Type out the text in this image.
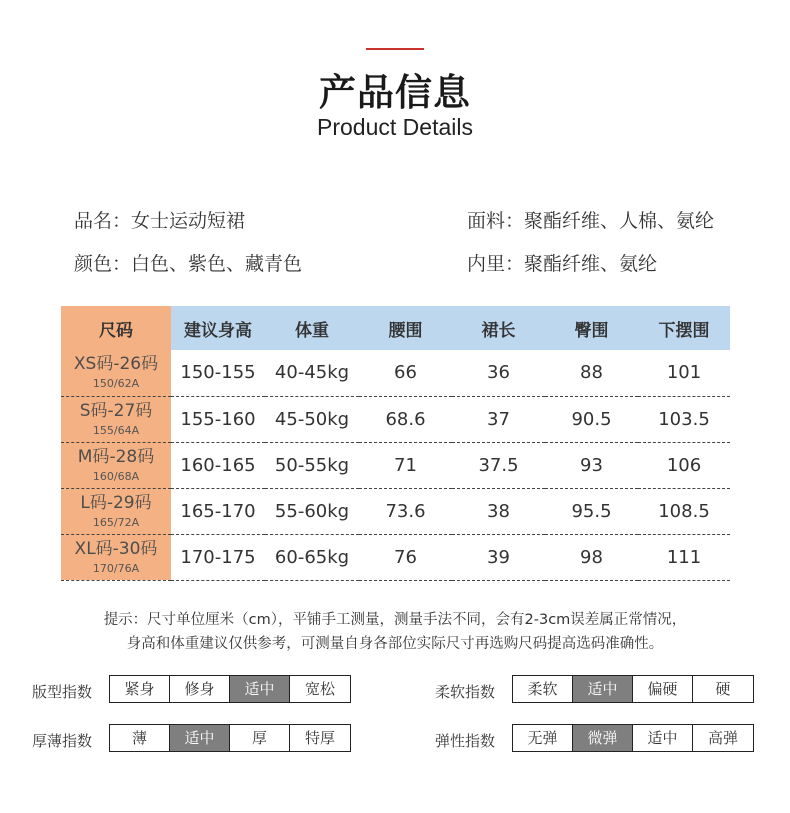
产品信息
Product Details
品名：女士运动短裙	面料：聚酯纤维、人棉、氨纶
颜色：白色、紫色、藏青色	内里：聚酯纤维、氨纶
尺码	建议身高	体重	腰围	裙长	臀围	下摆围

XS码-26码
150/62A	150-155	40-45kg	66	36	88	101

S码-27码
155/64A	155-160	45-50kg	68.6	37	90.5	103.5

M码-28码
160/68A	160-165	50-55kg	71	37.5	93	106

L码-29码
165/72A	165-170	55-60kg	73.6	38	95.5	108.5

XL码-30码
170/76A	170-175	60-65kg	76	39	98	111
提示：尺寸单位厘米（cm），平铺手工测量，测量手法不同，会有2-3cm误差属正常情况，
身高和体重建议仅供参考，可测量自身各部位实际尺寸再选购尺码提高选码准确性。
版型指数	紧身	修身	适中	宽松	柔软指数	柔软	适中	偏硬	硬
厚薄指数	薄	适中	厚	特厚	弹性指数	无弹	微弹	适中	高弹
